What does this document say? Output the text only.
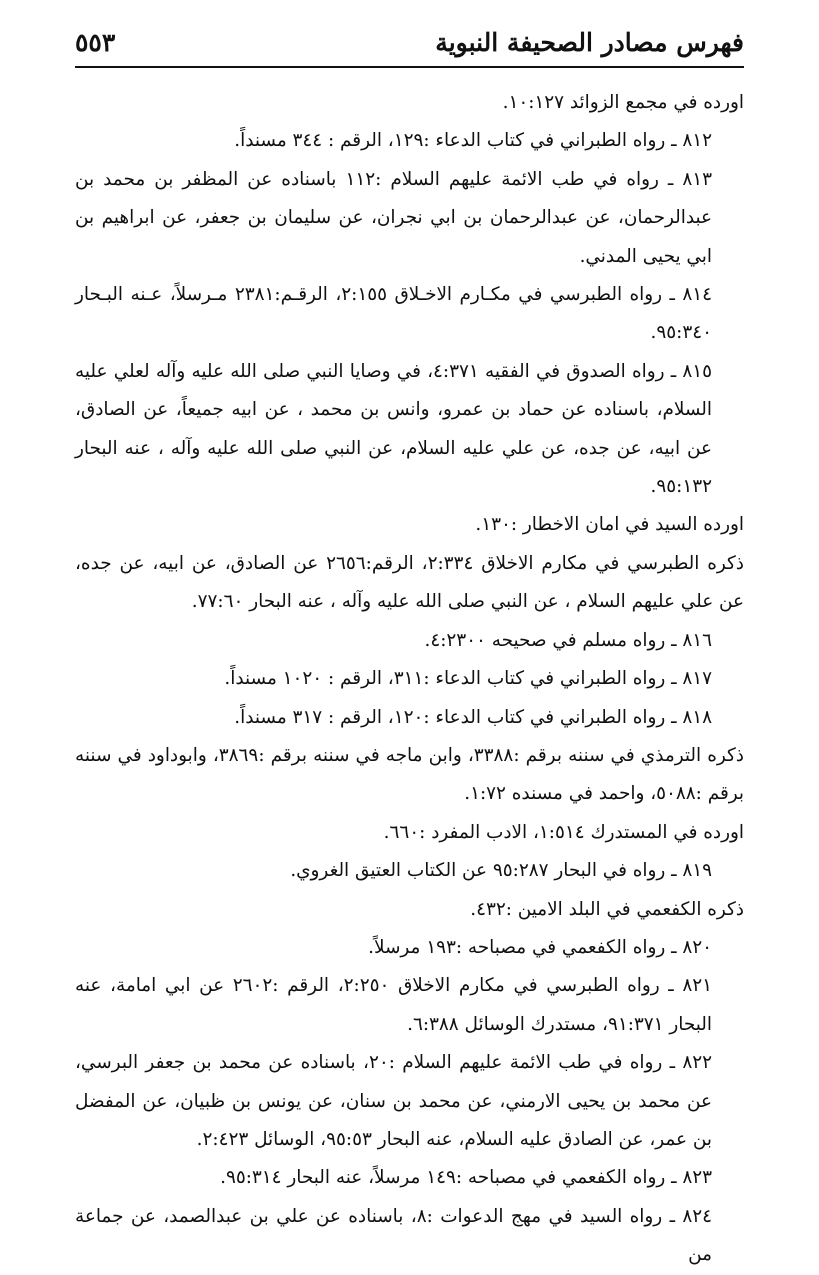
فهرس مصادر الصحيفة النبوية
٥٥٣

اورده في مجمع الزوائد ١٠:١٢٧.

٨١٢ ـ رواه الطبراني في كتاب الدعاء :١٢٩، الرقم : ٣٤٤ مسنداً.

٨١٣ ـ رواه في طب الائمة عليهم السلام :١١٢ باسناده عن المظفر بن محمد بن عبدالرحمان، عن عبدالرحمان بن ابي نجران، عن سليمان بن جعفر، عن ابراهيم بن ابي يحيى المدني.

٨١٤ ـ رواه الطبرسي في مكـارم الاخـلاق ٢:١٥٥، الرقـم:٢٣٨١ مـرسلاً، عـنه البـحار ٩٥:٣٤٠.

٨١٥ ـ رواه الصدوق في الفقيه ٤:٣٧١، في وصايا النبي صلى الله عليه وآله لعلي عليه السلام، باسناده عن حماد بن عمرو، وانس بن محمد ، عن ابيه جميعاً، عن الصادق، عن ابيه، عن جده، عن علي عليه السلام، عن النبي صلى الله عليه وآله ، عنه البحار ٩٥:١٣٢.

اورده السيد في امان الاخطار :١٣٠.

ذكره الطبرسي في مكارم الاخلاق ٢:٣٣٤، الرقم:٢٦٥٦ عن الصادق، عن ابيه، عن جده، عن علي عليهم السلام ، عن النبي صلى الله عليه وآله ، عنه البحار ٧٧:٦٠.

٨١٦ ـ رواه مسلم في صحيحه ٤:٢٣٠٠.

٨١٧ ـ رواه الطبراني في كتاب الدعاء :٣١١، الرقم : ١٠٢٠ مسنداً.

٨١٨ ـ رواه الطبراني في كتاب الدعاء :١٢٠، الرقم : ٣١٧ مسنداً.

ذكره الترمذي في سننه برقم :٣٣٨٨، وابن ماجه في سننه برقم :٣٨٦٩، وابوداود في سننه برقم :٥٠٨٨، واحمد في مسنده ١:٧٢.

اورده في المستدرك ١:٥١٤، الادب المفرد :٦٦٠.

٨١٩ ـ رواه في البحار ٩٥:٢٨٧ عن الكتاب العتيق الغروي.

ذكره الكفعمي في البلد الامين :٤٣٢.

٨٢٠ ـ رواه الكفعمي في مصباحه :١٩٣ مرسلاً.

٨٢١ ـ رواه الطبرسي في مكارم الاخلاق ٢:٢٥٠، الرقم :٢٦٠٢ عن ابي امامة، عنه البحار ٩١:٣٧١، مستدرك الوسائل ٦:٣٨٨.

٨٢٢ ـ رواه في طب الائمة عليهم السلام :٢٠، باسناده عن محمد بن جعفر البرسي، عن محمد بن يحيى الارمني، عن محمد بن سنان، عن يونس بن ظبيان، عن المفضل بن عمر، عن الصادق عليه السلام، عنه البحار ٩٥:٥٣، الوسائل ٢:٤٢٣.

٨٢٣ ـ رواه الكفعمي في مصباحه :١٤٩ مرسلاً، عنه البحار ٩٥:٣١٤.

٨٢٤ ـ رواه السيد في مهج الدعوات :٨، باسناده عن علي بن عبدالصمد، عن جماعة من
